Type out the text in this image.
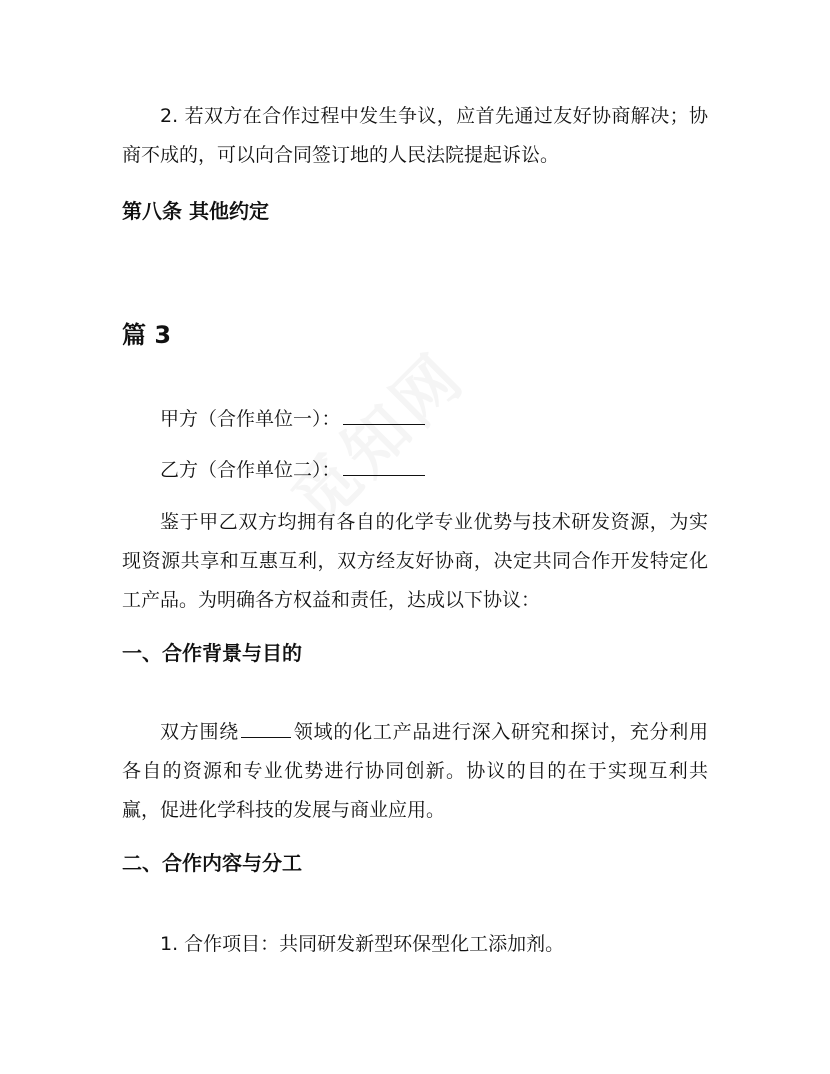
2. 若双方在合作过程中发生争议，应首先通过友好协商解决；协商不成的，可以向合同签订地的人民法院提起诉讼。

第八条 其他约定
篇 3

甲方（合作单位一）：

乙方（合作单位二）：

鉴于甲乙双方均拥有各自的化学专业优势与技术研发资源，为实现资源共享和互惠互利，双方经友好协商，决定共同合作开发特定化工产品。为明确各方权益和责任，达成以下协议：

一、合作背景与目的

双方围绕	领域的化工产品进行深入研究和探讨，充分利用各自的资源和专业优势进行协同创新。协议的目的在于实现互利共赢，促进化学科技的发展与商业应用。

二、合作内容与分工

1. 合作项目：共同研发新型环保型化工添加剂。
